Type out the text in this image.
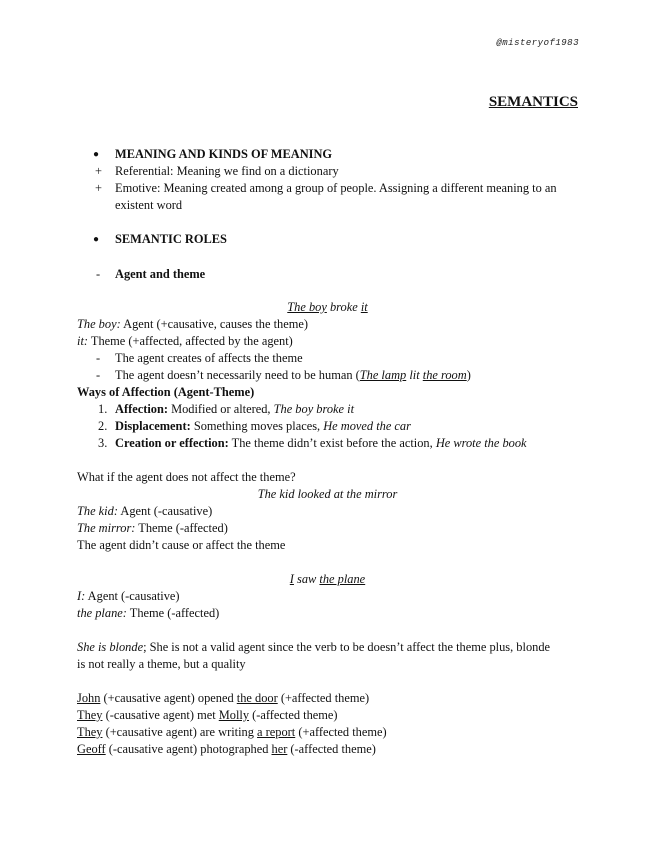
@misteryof1983
SEMANTICS
● MEANING AND KINDS OF MEANING
+ Referential: Meaning we find on a dictionary
+ Emotive: Meaning created among a group of people. Assigning a different meaning to an
existent word
● SEMANTIC ROLES
- Agent and theme
The boy broke it
The boy: Agent (+causative, causes the theme)
it: Theme (+affected, affected by the agent)
- The agent creates of affects the theme
- The agent doesn’t necessarily need to be human (The lamp lit the room)
Ways of Affection (Agent-Theme)
1. Affection: Modified or altered, The boy broke it
2. Displacement: Something moves places, He moved the car
3. Creation or effection: The theme didn’t exist before the action, He wrote the book
What if the agent does not affect the theme?
The kid looked at the mirror
The kid: Agent (-causative)
The mirror: Theme (-affected)
The agent didn’t cause or affect the theme
I saw the plane
I: Agent (-causative)
the plane: Theme (-affected)
She is blonde; She is not a valid agent since the verb to be doesn’t affect the theme plus, blonde
is not really a theme, but a quality
John (+causative agent) opened the door (+affected theme)
They (-causative agent) met Molly (-affected theme)
They (+causative agent) are writing a report (+affected theme)
Geoff (-causative agent) photographed her (-affected theme)
